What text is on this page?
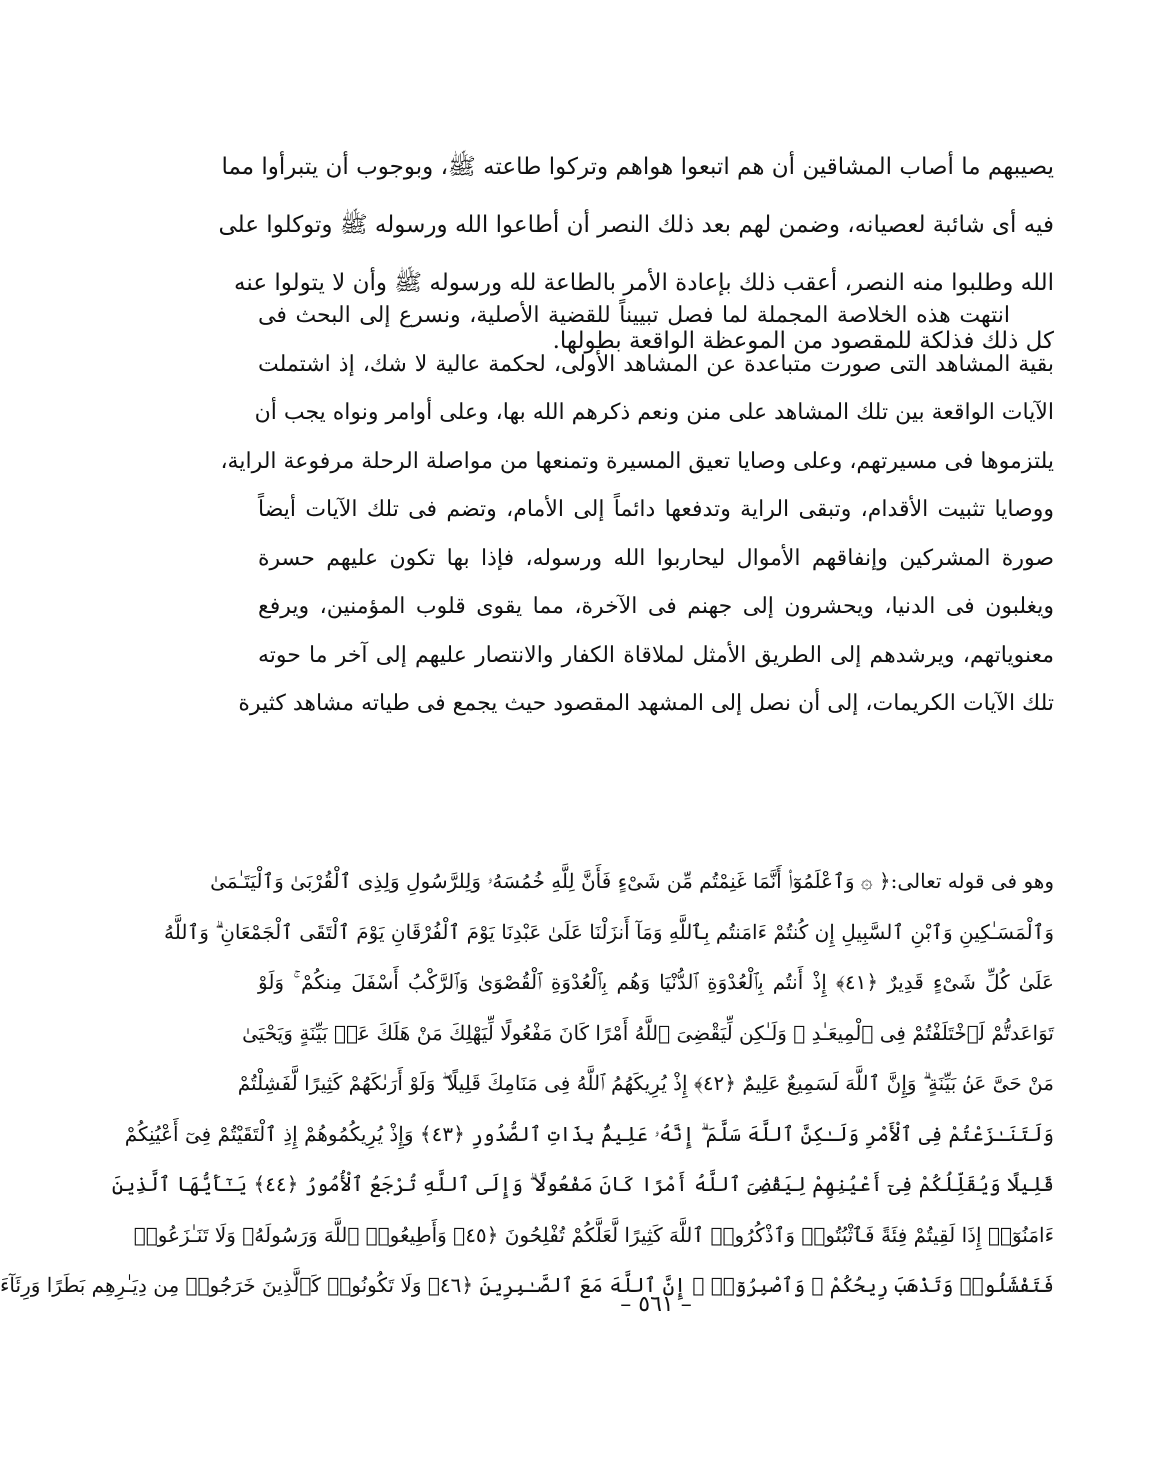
يصيبهم ما أصاب المشاقين أن هم اتبعوا هواهم وتركوا طاعته ﷺ، وبوجوب أن يتبرأوا مما
فيه أى شائبة لعصيانه، وضمن لهم بعد ذلك النصر أن أطاعوا الله ورسوله ﷺ وتوكلوا على
الله وطلبوا منه النصر، أعقب ذلك بإعادة الأمر بالطاعة لله ورسوله ﷺ وأن لا يتولوا عنه
كل ذلك فذلكة للمقصود من الموعظة الواقعة بطولها.
انتهت هذه الخلاصة المجملة لما فصل تبييناً للقضية الأصلية، ونسرع إلى البحث فى
بقية المشاهد التى صورت متباعدة عن المشاهد الأولى، لحكمة عالية لا شك، إذ اشتملت
الآيات الواقعة بين تلك المشاهد على منن ونعم ذكرهم الله بها، وعلى أوامر ونواه يجب أن
يلتزموها فى مسيرتهم، وعلى وصايا تعيق المسيرة وتمنعها من مواصلة الرحلة مرفوعة الراية،
ووصايا تثبيت الأقدام، وتبقى الراية وتدفعها دائماً إلى الأمام، وتضم فى تلك الآيات أيضاً
صورة المشركين وإنفاقهم الأموال ليحاربوا الله ورسوله، فإذا بها تكون عليهم حسرة
ويغلبون فى الدنيا، ويحشرون إلى جهنم فى الآخرة، مما يقوى قلوب المؤمنين، ويرفع
معنوياتهم، ويرشدهم إلى الطريق الأمثل لملاقاة الكفار والانتصار عليهم إلى آخر ما حوته
تلك الآيات الكريمات، إلى أن نصل إلى المشهد المقصود حيث يجمع فى طياته مشاهد كثيرة
وهو فى قوله تعالى:﴿ ۞ وَٱعْلَمُوٓا۟ أَنَّمَا غَنِمْتُم مِّن شَىْءٍ فَأَنَّ لِلَّهِ خُمُسَهُۥ وَلِلرَّسُولِ وَلِذِى ٱلْقُرْبَىٰ وَٱلْيَتَـٰمَىٰ
وَٱلْمَسَـٰكِينِ وَٱبْنِ ٱلسَّبِيلِ إِن كُنتُمْ ءَامَنتُم بِٱللَّهِ وَمَآ أَنزَلْنَا عَلَىٰ عَبْدِنَا يَوْمَ ٱلْفُرْقَانِ يَوْمَ ٱلْتَقَى ٱلْجَمْعَانِ ۗ وَٱللَّهُ
عَلَىٰ كُلِّ شَىْءٍ قَدِيرٌ ﴿٤١﴾ إِذْ أَنتُم بِٱلْعُدْوَةِ ٱلدُّنْيَا وَهُم بِٱلْعُدْوَةِ ٱلْقُصْوَىٰ وَٱلرَّكْبُ أَسْفَلَ مِنكُمْ ۚ وَلَوْ
تَوَاعَدتُّمْ لَٱخْتَلَفْتُمْ فِى ٱلْمِيعَـٰدِ ۙ وَلَـٰكِن لِّيَقْضِىَ ٱللَّهُ أَمْرًا كَانَ مَفْعُولًا لِّيَهْلِكَ مَنْ هَلَكَ عَنۢ بَيِّنَةٍ وَيَحْيَىٰ
مَنْ حَىَّ عَنۢ بَيِّنَةٍ ۗ وَإِنَّ ٱللَّهَ لَسَمِيعٌ عَلِيمٌ ﴿٤٢﴾ إِذْ يُرِيكَهُمُ ٱللَّهُ فِى مَنَامِكَ قَلِيلًا ۖ وَلَوْ أَرَىٰكَهُمْ كَثِيرًا لَّفَشِلْتُمْ
وَلَتَنَـٰزَعْتُمْ فِى ٱلْأَمْرِ وَلَـٰكِنَّ ٱللَّهَ سَلَّمَ ۗ إِنَّهُۥ عَلِيمٌۢ بِذَاتِ ٱلصُّدُورِ ﴿٤٣﴾ وَإِذْ يُرِيكُمُوهُمْ إِذِ ٱلْتَقَيْتُمْ فِىٓ أَعْيُنِكُمْ
قَلِيلًا وَيُقَلِّلُكُمْ فِىٓ أَعْيُنِهِمْ لِيَقْضِىَ ٱللَّهُ أَمْرًا كَانَ مَفْعُولًا ۗ وَإِلَى ٱللَّهِ تُرْجَعُ ٱلْأُمُورُ ﴿٤٤﴾ يَـٰٓأَيُّهَا ٱلَّذِينَ
ءَامَنُوٓا۟ إِذَا لَقِيتُمْ فِئَةً فَٱثْبُتُوا۟ وَٱذْكُرُوا۟ ٱللَّهَ كَثِيرًا لَّعَلَّكُمْ تُفْلِحُونَ ﴿٤٥﴾ وَأَطِيعُوا۟ ٱللَّهَ وَرَسُولَهُۥ وَلَا تَنَـٰزَعُوا۟
فَتَفْشَلُوا۟ وَتَذْهَبَ رِيحُكُمْ ۖ وَٱصْبِرُوٓا۟ ۚ إِنَّ ٱللَّهَ مَعَ ٱلصَّـٰبِرِينَ ﴿٤٦﴾ وَلَا تَكُونُوا۟ كَٱلَّذِينَ خَرَجُوا۟ مِن دِيَـٰرِهِم بَطَرًا وَرِئَآءَ
– ٥٦١ –
